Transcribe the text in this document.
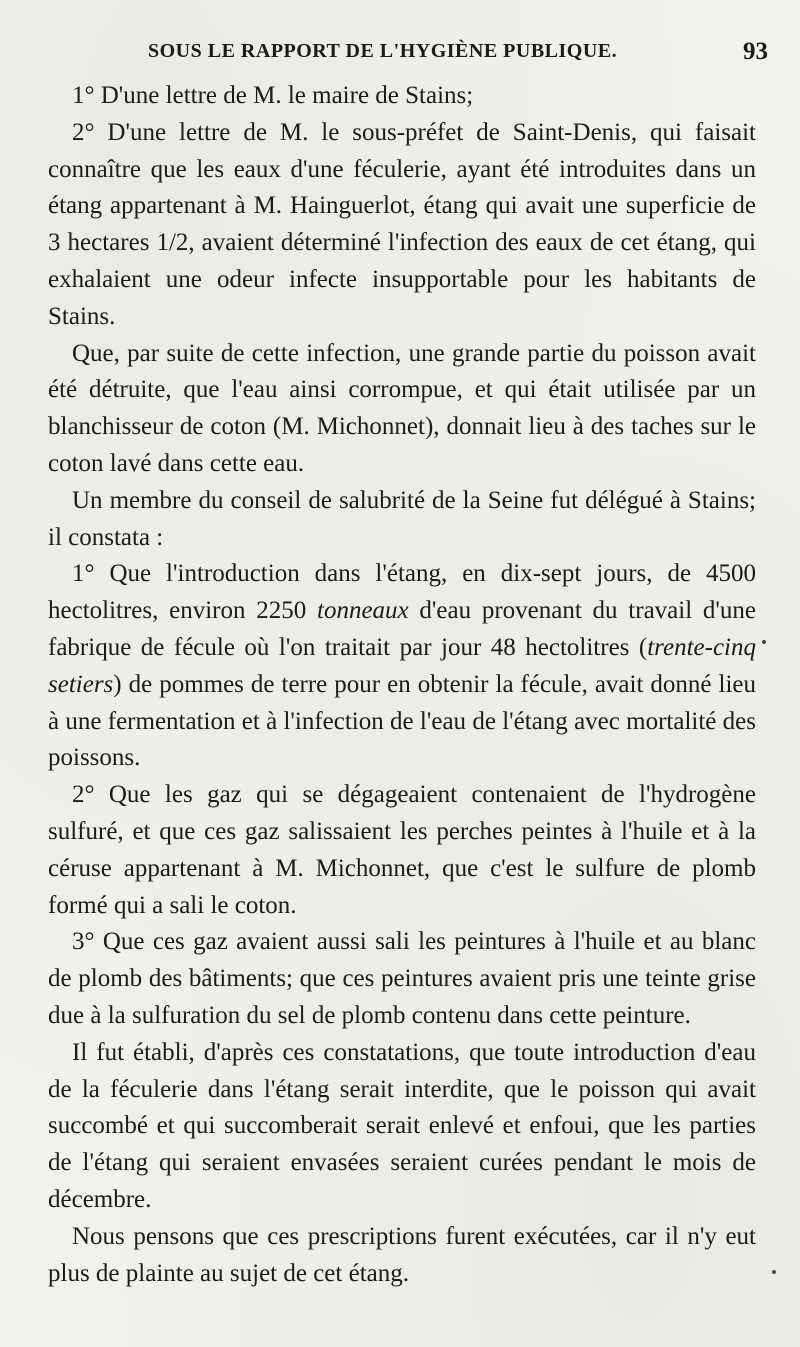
SOUS LE RAPPORT DE L'HYGIÈNE PUBLIQUE.	93

1° D'une lettre de M. le maire de Stains;

2° D'une lettre de M. le sous-préfet de Saint-Denis, qui faisait connaître que les eaux d'une féculerie, ayant été introduites dans un étang appartenant à M. Hainguerlot, étang qui avait une superficie de 3 hectares 1/2, avaient déterminé l'infection des eaux de cet étang, qui exhalaient une odeur infecte insupportable pour les habitants de Stains.

Que, par suite de cette infection, une grande partie du poisson avait été détruite, que l'eau ainsi corrompue, et qui était utilisée par un blanchisseur de coton (M. Michonnet), donnait lieu à des taches sur le coton lavé dans cette eau.

Un membre du conseil de salubrité de la Seine fut délégué à Stains; il constata :

1° Que l'introduction dans l'étang, en dix-sept jours, de 4500 hectolitres, environ 2250 tonneaux d'eau provenant du travail d'une fabrique de fécule où l'on traitait par jour 48 hectolitres (trente-cinq setiers) de pommes de terre pour en obtenir la fécule, avait donné lieu à une fermentation et à l'infection de l'eau de l'étang avec mortalité des poissons.

2° Que les gaz qui se dégageaient contenaient de l'hydrogène sulfuré, et que ces gaz salissaient les perches peintes à l'huile et à la céruse appartenant à M. Michonnet, que c'est le sulfure de plomb formé qui a sali le coton.

3° Que ces gaz avaient aussi sali les peintures à l'huile et au blanc de plomb des bâtiments; que ces peintures avaient pris une teinte grise due à la sulfuration du sel de plomb contenu dans cette peinture.

Il fut établi, d'après ces constatations, que toute introduction d'eau de la féculerie dans l'étang serait interdite, que le poisson qui avait succombé et qui succomberait serait enlevé et enfoui, que les parties de l'étang qui seraient envasées seraient curées pendant le mois de décembre.

Nous pensons que ces prescriptions furent exécutées, car il n'y eut plus de plainte au sujet de cet étang.
